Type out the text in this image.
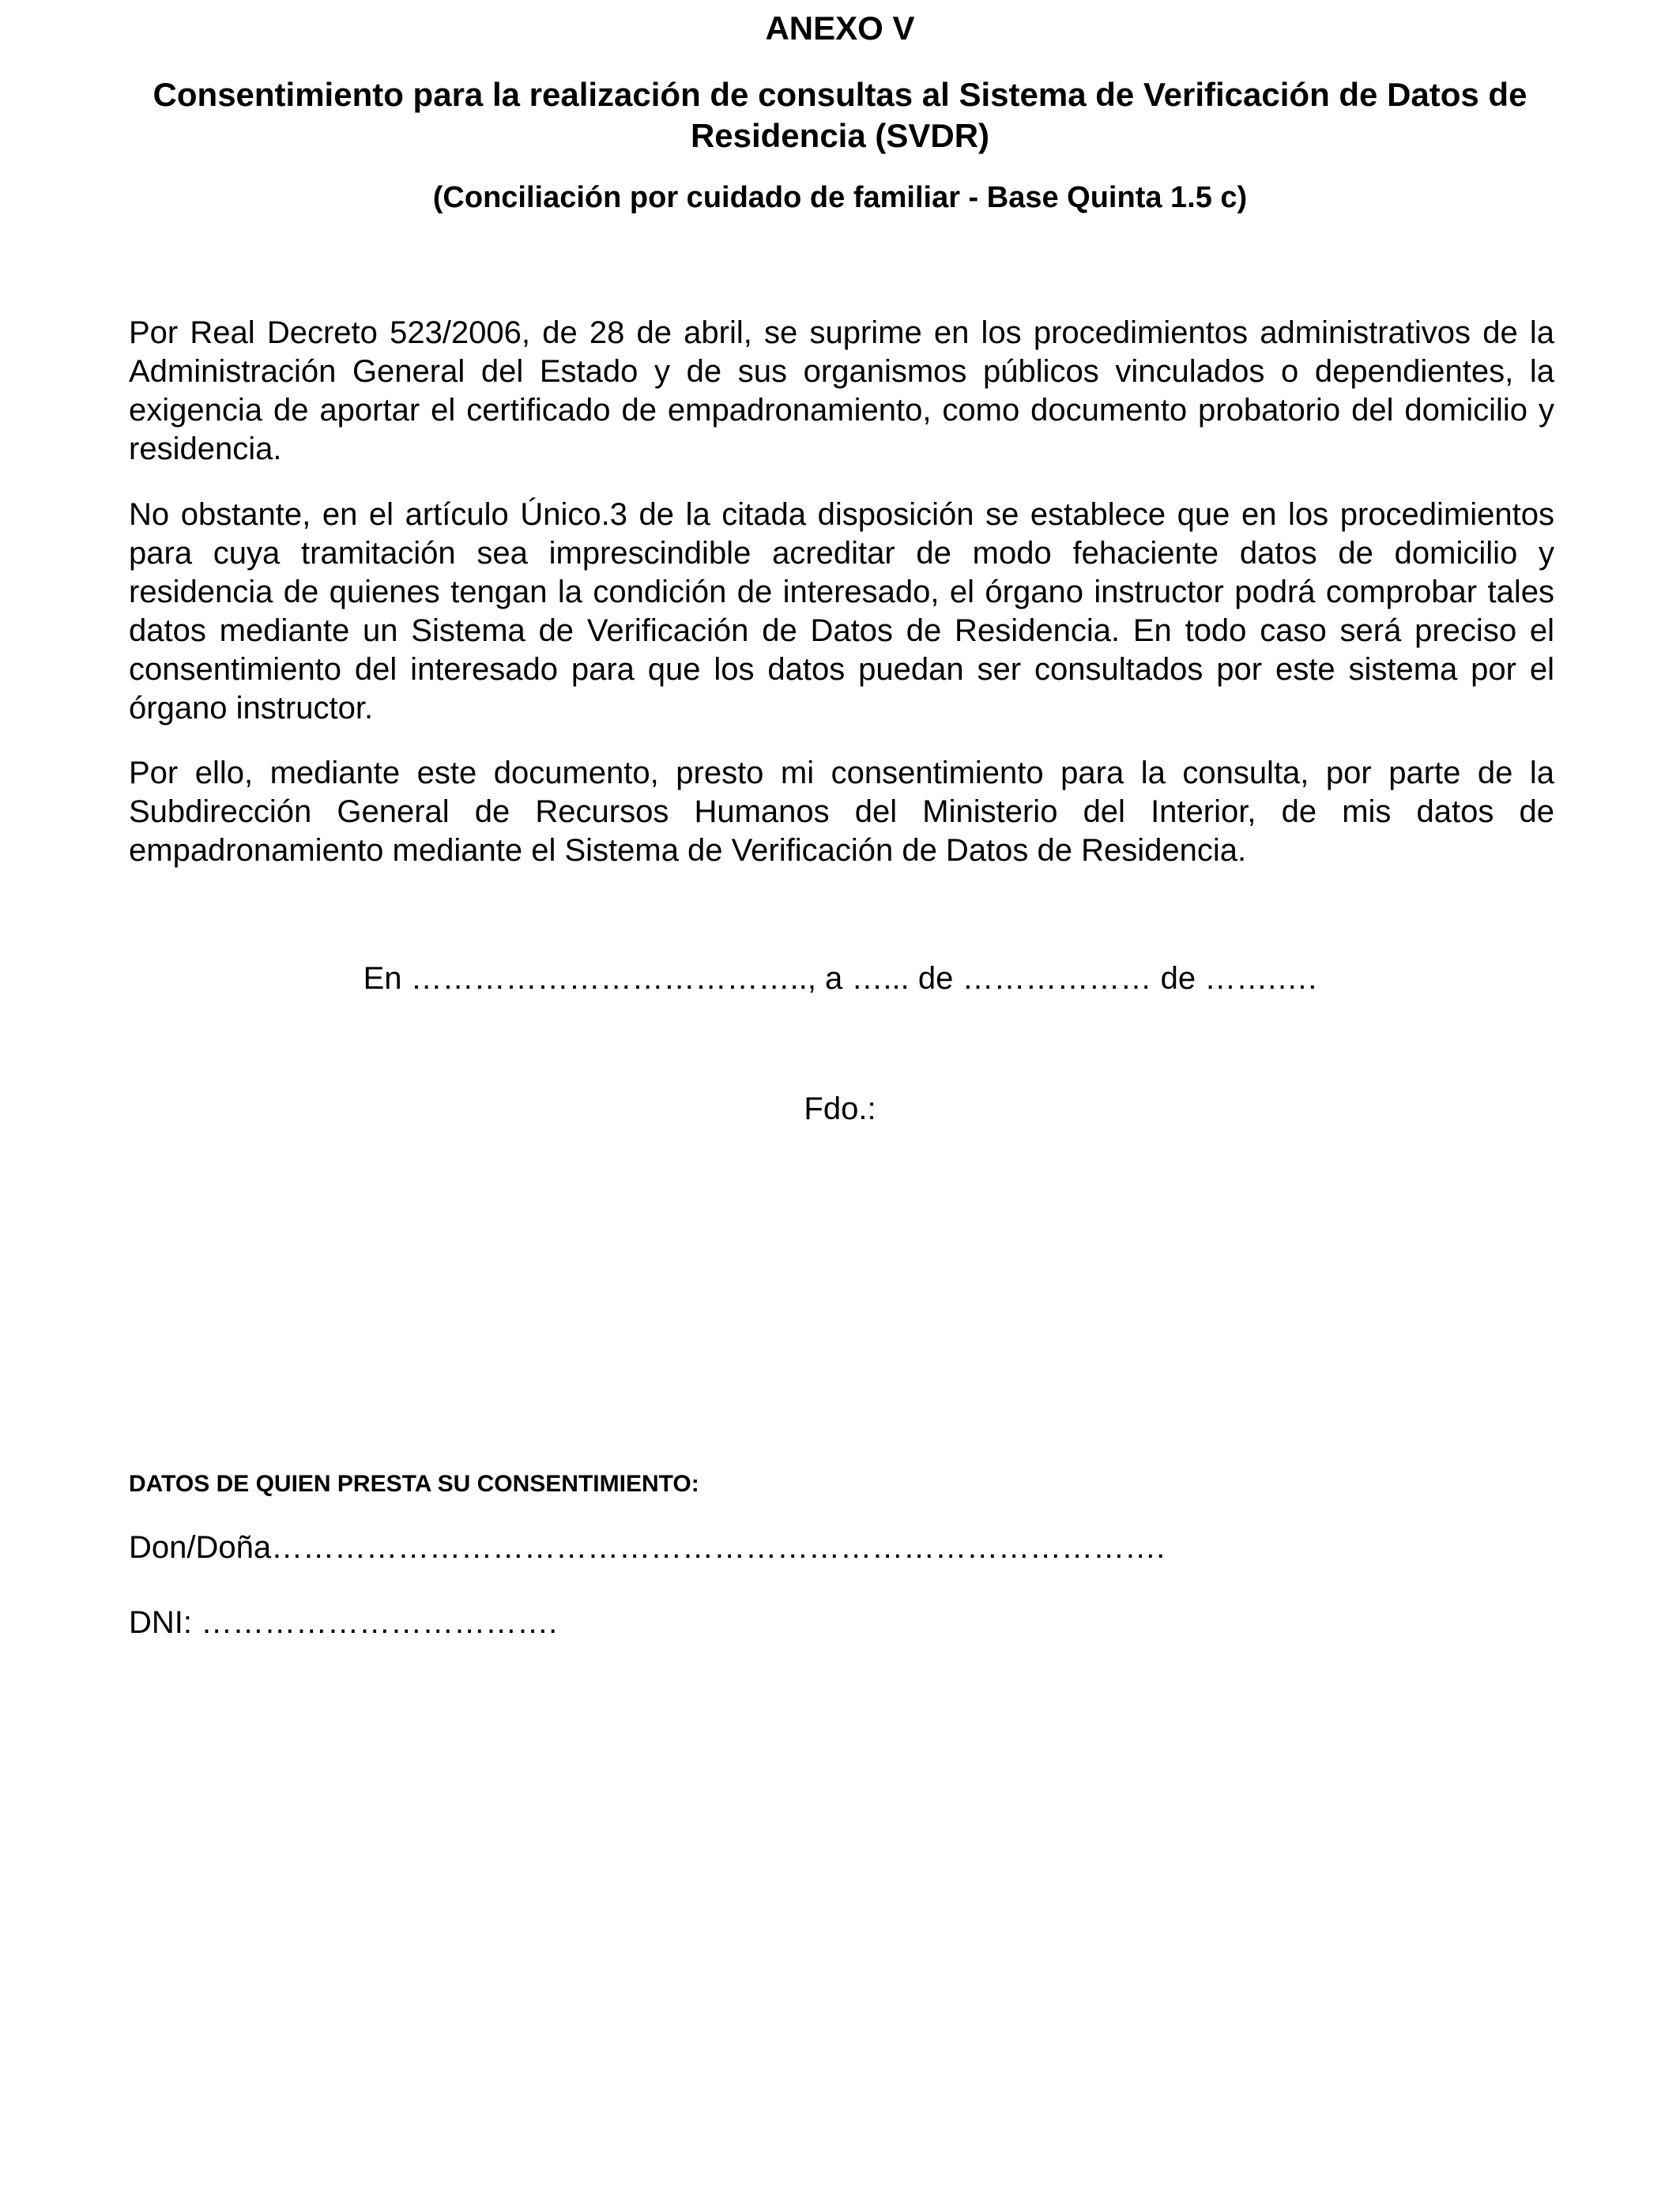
ANEXO V
Consentimiento para la realización de consultas al Sistema de Verificación de Datos de Residencia (SVDR)
(Conciliación por cuidado de familiar - Base Quinta 1.5 c)

Por Real Decreto 523/2006, de 28 de abril, se suprime en los procedimientos administrativos de la Administración General del Estado y de sus organismos públicos vinculados o dependientes, la exigencia de aportar el certificado de empadronamiento, como documento probatorio del domicilio y residencia.

No obstante, en el artículo Único.3 de la citada disposición se establece que en los procedimientos para cuya tramitación sea imprescindible acreditar de modo fehaciente datos de domicilio y residencia de quienes tengan la condición de interesado, el órgano instructor podrá comprobar tales datos mediante un Sistema de Verificación de Datos de Residencia. En todo caso será preciso el consentimiento del interesado para que los datos puedan ser consultados por este sistema por el órgano instructor.

Por ello, mediante este documento, presto mi consentimiento para la consulta, por parte de la Subdirección General de Recursos Humanos del Ministerio del Interior, de mis datos de empadronamiento mediante el Sistema de Verificación de Datos de Residencia.

En ……………………………….., a …... de ……………… de …….….

Fdo.:

DATOS DE QUIEN PRESTA SU CONSENTIMIENTO:

Don/Doña………………………………………………………………………….

DNI: …………………………….
